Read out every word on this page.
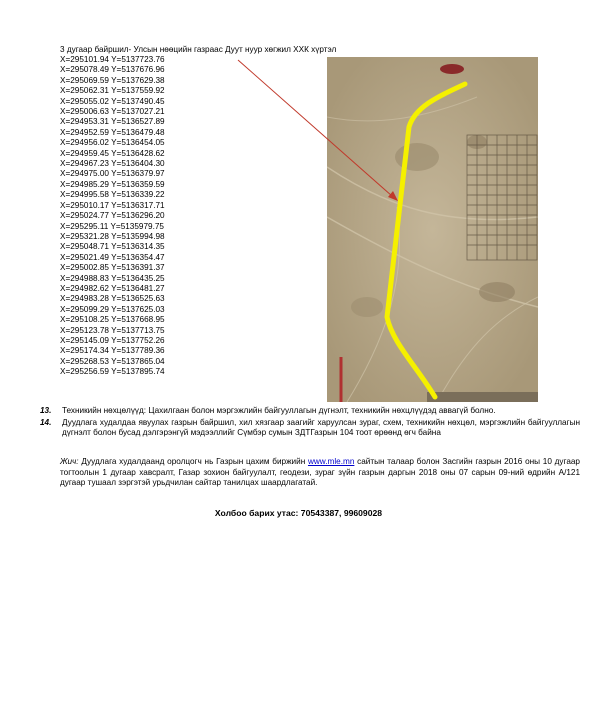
3 дугаар байршил- Улсын нөөцийн газраас Дуут нуур хөгжил ХХК хүртэл
X=295101.94 Y=5137723.76
X=295078.49 Y=5137676.96
X=295069.59 Y=5137629.38
X=295062.31 Y=5137559.92
X=295055.02 Y=5137490.45
X=295006.63 Y=5137027.21
X=294953.31 Y=5136527.89
X=294952.59 Y=5136479.48
X=294956.02 Y=5136454.05
X=294959.45 Y=5136428.62
X=294967.23 Y=5136404.30
X=294975.00 Y=5136379.97
X=294985.29 Y=5136359.59
X=294995.58 Y=5136339.22
X=295010.17 Y=5136317.71
X=295024.77 Y=5136296.20
X=295295.11 Y=5135979.75
X=295321.28 Y=5135994.98
X=295048.71 Y=5136314.35
X=295021.49 Y=5136354.47
X=295002.85 Y=5136391.37
X=294988.83 Y=5136435.25
X=294982.62 Y=5136481.27
X=294983.28 Y=5136525.63
X=295099.29 Y=5137625.03
X=295108.25 Y=5137668.95
X=295123.78 Y=5137713.75
X=295145.09 Y=5137752.26
X=295174.34 Y=5137789.36
X=295268.53 Y=5137865.04
X=295256.59 Y=5137895.74
13.	Техникийн нөхцөлүүд: Цахилгаан болон мэргэжлийн байгууллагын дүгнэлт, техникийн нөхцлүүдэд аввагүй болно.
14.	Дуудлага худалдаа явуулах газрын байршил, хил хязгаар заагийг харуулсан зураг, схем, техникийн нөхцөл, мэргэжлийн байгууллагын дүгнэлт болон бусад дэлгэрэнгүй мэдээллийг Сүмбэр сумын ЗДТГазрын 104 тоот өрөөнд өгч байна
Жич: Дуудлага худалдаанд оролцогч нь Газрын цахим биржийн www.mle.mn сайтын талаар болон Засгийн газрын 2016 оны 10 дугаар тогтоолын 1 дугаар хавсралт, Газар зохион байгуулалт, геодези, зураг зүйн газрын даргын 2018 оны 07 сарын 09-ний өдрийн А/121 дугаар тушаал зэргэтэй урьдчилан сайтар танилцах шаардлагатай.
Холбоо барих утас: 70543387, 99609028
